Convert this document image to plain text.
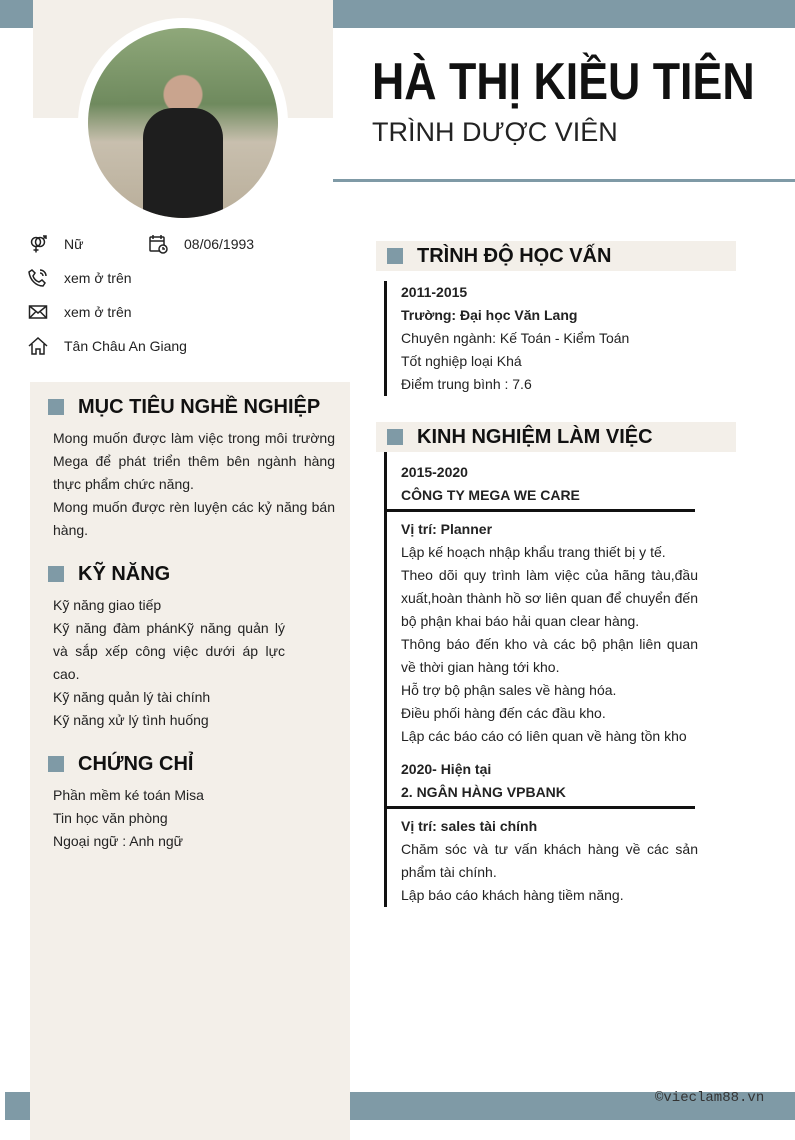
HÀ THỊ KIỀU TIÊN
TRÌNH DƯỢC VIÊN
Nữ	08/06/1993
xem ở trên
xem ở trên
Tân Châu An Giang
MỤC TIÊU NGHỀ NGHIỆP
Mong muốn được làm việc trong môi trường Mega để phát triển thêm bên ngành hàng thực phẩm chức năng.
Mong muốn được rèn luyện các kỷ năng bán hàng.
KỸ NĂNG
Kỹ năng giao tiếp
Kỹ năng đàm phánKỹ năng quản lý và sắp xếp công việc dưới áp lực cao.
Kỹ năng quản lý tài chính
Kỹ năng xử lý tình huống
CHỨNG CHỈ
Phần mềm ké toán Misa
Tin học văn phòng
Ngoại ngữ : Anh ngữ
TRÌNH ĐỘ HỌC VẤN
2011-2015
Trường: Đại học Văn Lang
Chuyên ngành: Kế Toán - Kiểm Toán
Tốt nghiệp loại Khá
Điểm trung bình : 7.6
KINH NGHIỆM LÀM VIỆC
2015-2020
CÔNG TY MEGA WE CARE
Vị trí: Planner
Lập kế hoạch nhập khẩu trang thiết bị y tế.
Theo dõi quy trình làm việc của hãng tàu,đầu xuất,hoàn thành hồ sơ liên quan để chuyển đến bộ phận khai báo hải quan clear hàng.
Thông báo đến kho và các bộ phận liên quan về thời gian hàng tới kho.
Hỗ trợ bộ phận sales về hàng hóa.
Điều phối hàng đến các đầu kho.
Lập các báo cáo có liên quan về hàng tồn kho
2020- Hiện tại
2. NGÂN HÀNG VPBANK
Vị trí: sales tài chính
Chăm sóc và tư vấn khách hàng về các sản phẩm tài chính.
Lập báo cáo khách hàng tiềm năng.
©vieclam88.vn
